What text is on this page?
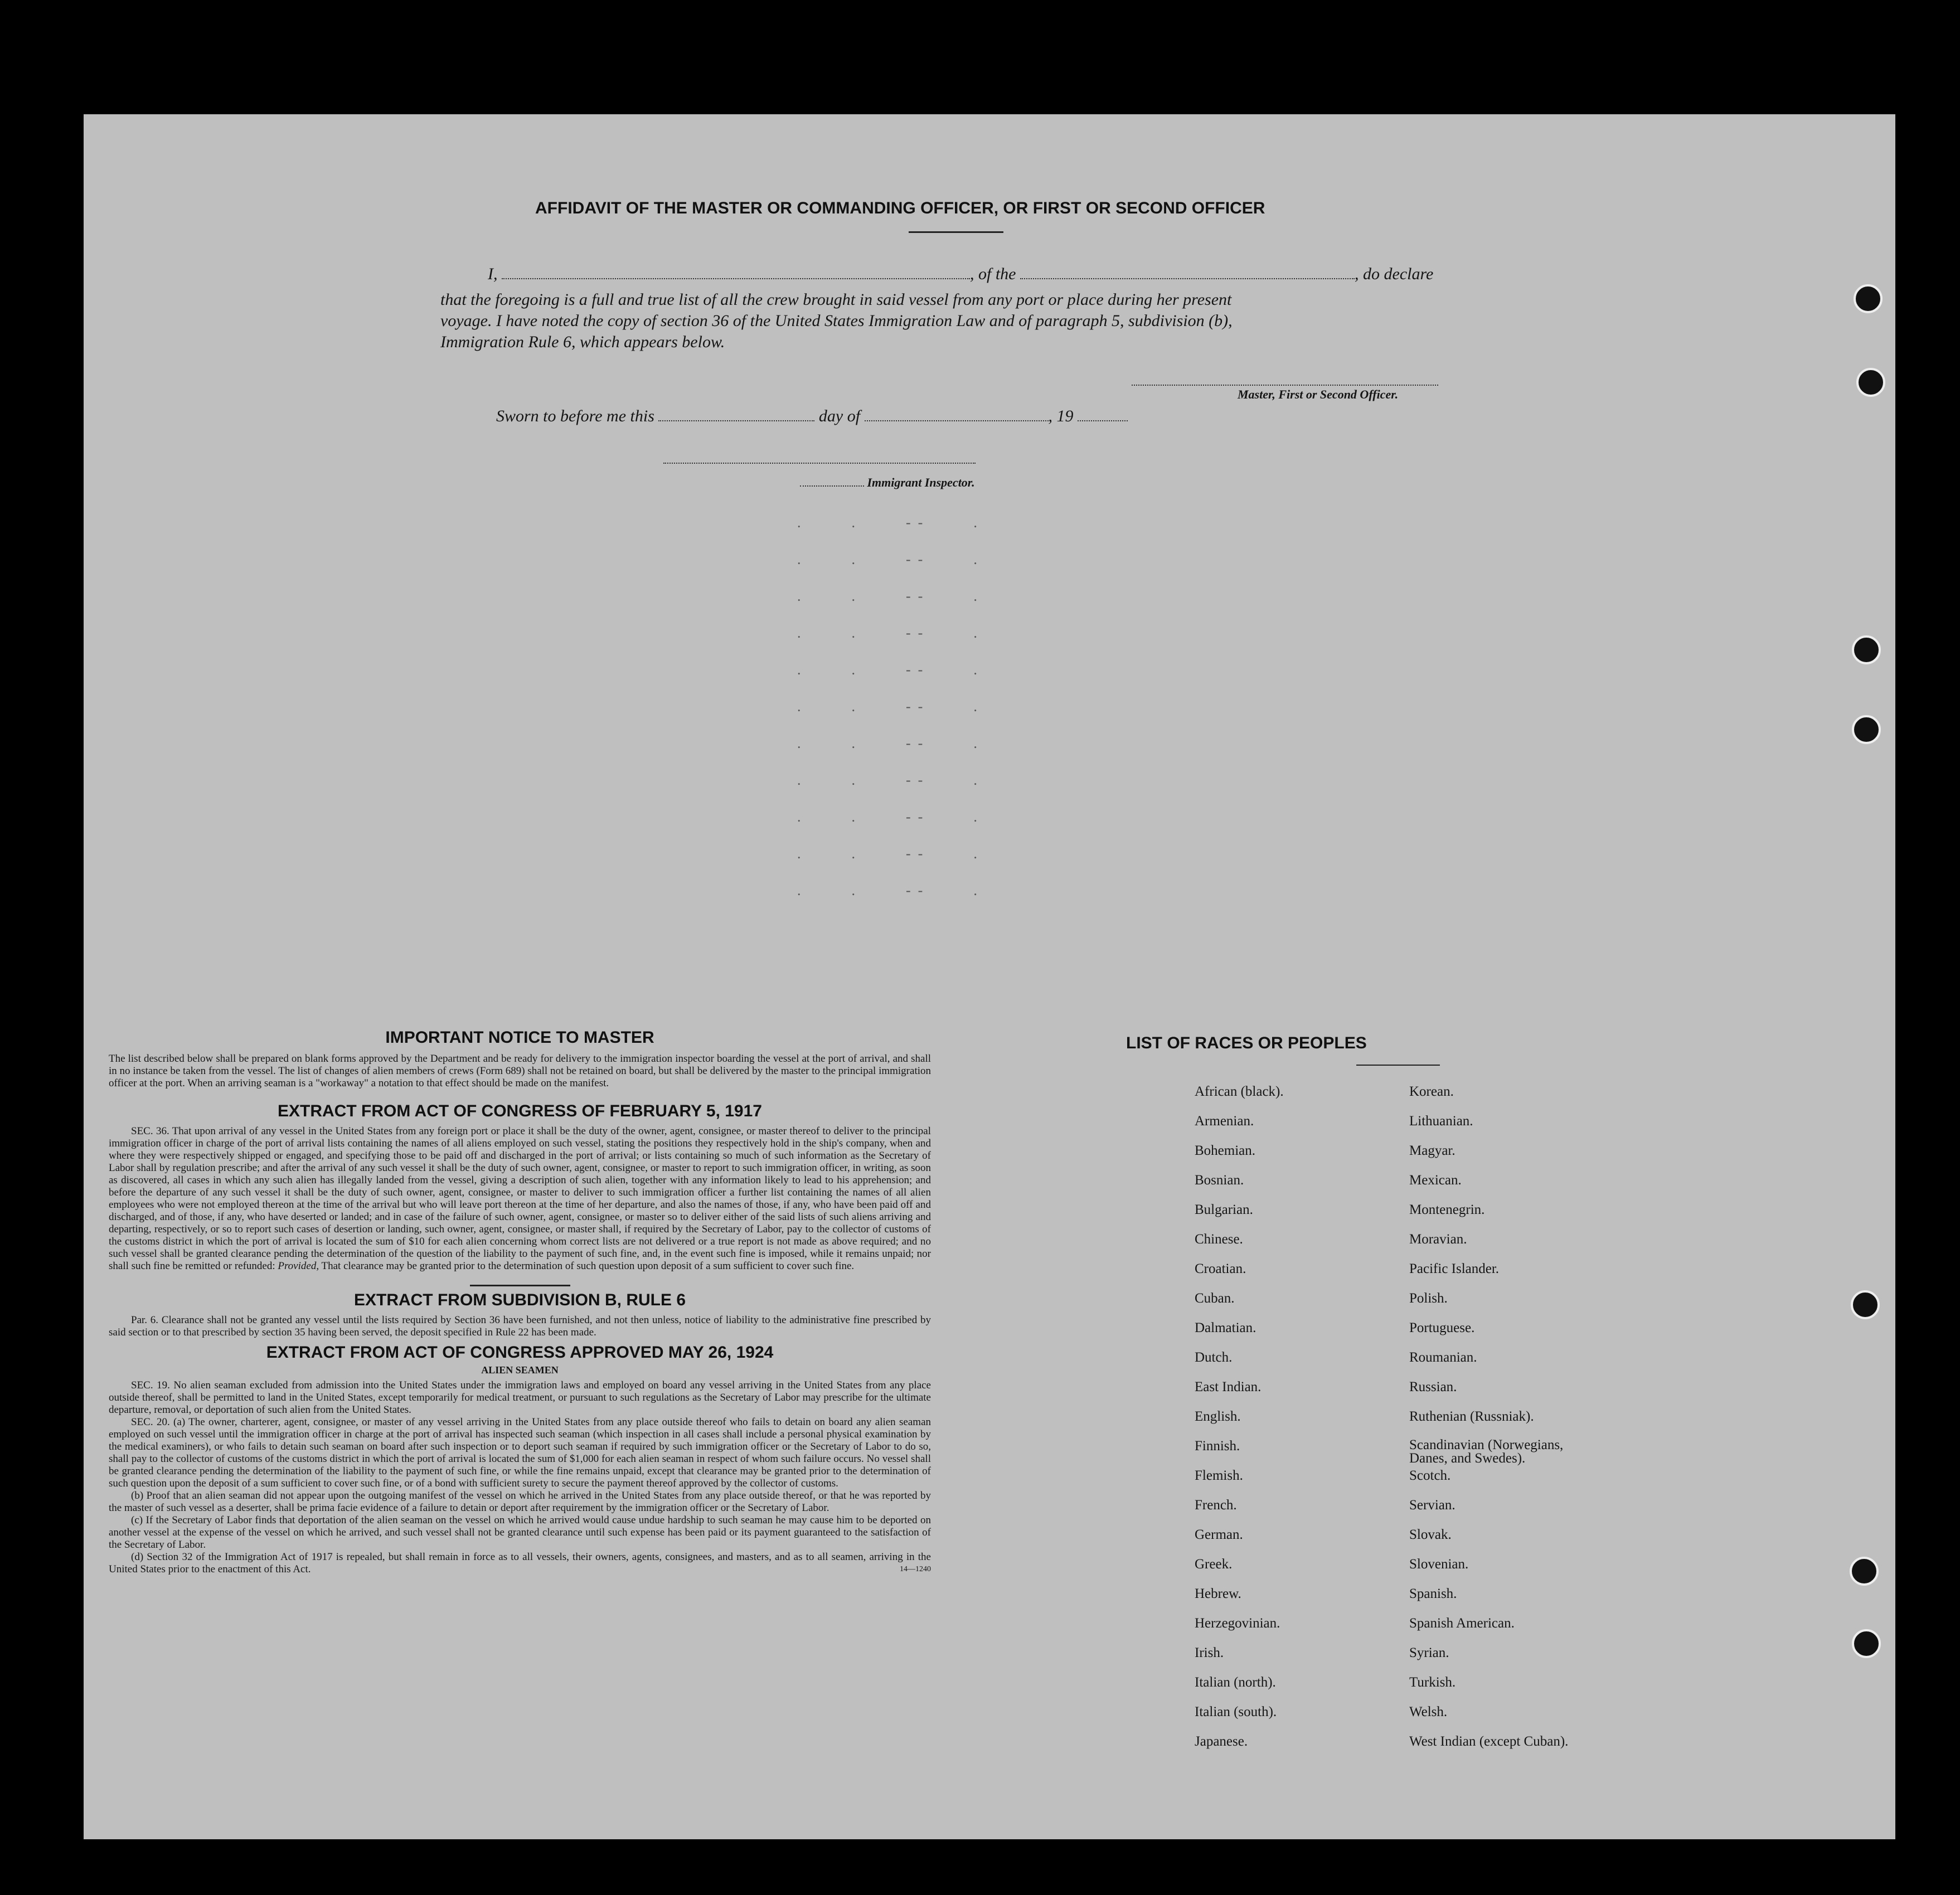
AFFIDAVIT OF THE MASTER OR COMMANDING OFFICER, OR FIRST OR SECOND OFFICER
I,	, of the	, do declare
that the foregoing is a full and true list of all the crew brought in said vessel from any port or place during her present
voyage. I have noted the copy of section 36 of the United States Immigration Law and of paragraph 5, subdivision (b),
Immigration Rule 6, which appears below.
Master, First or Second Officer.
Sworn to before me this	day of	, 19
Immigrant Inspector.
.              .              -  -              .
.              .              -  -              .
.              .              -  -              .
.              .              -  -              .
.              .              -  -              .
.              .              -  -              .
.              .              -  -              .
.              .              -  -              .
.              .              -  -              .
.              .              -  -              .
.              .              -  -              .
IMPORTANT NOTICE TO MASTER
The list described below shall be prepared on blank forms approved by the Department and be ready for delivery to the immigration inspector boarding the vessel at the port of arrival, and shall in no instance be taken from the vessel. The list of changes of alien members of crews (Form 689) shall not be retained on board, but shall be delivered by the master to the principal immigration officer at the port. When an arriving seaman is a "workaway" a notation to that effect should be made on the manifest.
EXTRACT FROM ACT OF CONGRESS OF FEBRUARY 5, 1917
SEC. 36. That upon arrival of any vessel in the United States from any foreign port or place it shall be the duty of the owner, agent, consignee, or master thereof to deliver to the principal immigration officer in charge of the port of arrival lists containing the names of all aliens employed on such vessel, stating the positions they respectively hold in the ship's company, when and where they were respectively shipped or engaged, and specifying those to be paid off and discharged in the port of arrival; or lists containing so much of such information as the Secretary of Labor shall by regulation prescribe; and after the arrival of any such vessel it shall be the duty of such owner, agent, consignee, or master to report to such immigration officer, in writing, as soon as discovered, all cases in which any such alien has illegally landed from the vessel, giving a description of such alien, together with any information likely to lead to his apprehension; and before the departure of any such vessel it shall be the duty of such owner, agent, consignee, or master to deliver to such immigration officer a further list containing the names of all alien employees who were not employed thereon at the time of the arrival but who will leave port thereon at the time of her departure, and also the names of those, if any, who have been paid off and discharged, and of those, if any, who have deserted or landed; and in case of the failure of such owner, agent, consignee, or master so to deliver either of the said lists of such aliens arriving and departing, respectively, or so to report such cases of desertion or landing, such owner, agent, consignee, or master shall, if required by the Secretary of Labor, pay to the collector of customs of the customs district in which the port of arrival is located the sum of $10 for each alien concerning whom correct lists are not delivered or a true report is not made as above required; and no such vessel shall be granted clearance pending the determination of the question of the liability to the payment of such fine, and, in the event such fine is imposed, while it remains unpaid; nor shall such fine be remitted or refunded: Provided, That clearance may be granted prior to the determination of such question upon deposit of a sum sufficient to cover such fine.
EXTRACT FROM SUBDIVISION B, RULE 6
Par. 6. Clearance shall not be granted any vessel until the lists required by Section 36 have been furnished, and not then unless, notice of liability to the administrative fine prescribed by said section or to that prescribed by section 35 having been served, the deposit specified in Rule 22 has been made.
EXTRACT FROM ACT OF CONGRESS APPROVED MAY 26, 1924
ALIEN SEAMEN
SEC. 19. No alien seaman excluded from admission into the United States under the immigration laws and employed on board any vessel arriving in the United States from any place outside thereof, shall be permitted to land in the United States, except temporarily for medical treatment, or pursuant to such regulations as the Secretary of Labor may prescribe for the ultimate departure, removal, or deportation of such alien from the United States.
SEC. 20. (a) The owner, charterer, agent, consignee, or master of any vessel arriving in the United States from any place outside thereof who fails to detain on board any alien seaman employed on such vessel until the immigration officer in charge at the port of arrival has inspected such seaman (which inspection in all cases shall include a personal physical examination by the medical examiners), or who fails to detain such seaman on board after such inspection or to deport such seaman if required by such immigration officer or the Secretary of Labor to do so, shall pay to the collector of customs of the customs district in which the port of arrival is located the sum of $1,000 for each alien seaman in respect of whom such failure occurs. No vessel shall be granted clearance pending the determination of the liability to the payment of such fine, or while the fine remains unpaid, except that clearance may be granted prior to the determination of such question upon the deposit of a sum sufficient to cover such fine, or of a bond with sufficient surety to secure the payment thereof approved by the collector of customs.
(b) Proof that an alien seaman did not appear upon the outgoing manifest of the vessel on which he arrived in the United States from any place outside thereof, or that he was reported by the master of such vessel as a deserter, shall be prima facie evidence of a failure to detain or deport after requirement by the immigration officer or the Secretary of Labor.
(c) If the Secretary of Labor finds that deportation of the alien seaman on the vessel on which he arrived would cause undue hardship to such seaman he may cause him to be deported on another vessel at the expense of the vessel on which he arrived, and such vessel shall not be granted clearance until such expense has been paid or its payment guaranteed to the satisfaction of the Secretary of Labor.
(d) Section 32 of the Immigration Act of 1917 is repealed, but shall remain in force as to all vessels, their owners, agents, consignees, and masters, and as to all seamen, arriving in the United States prior to the enactment of this Act.	14—1240
LIST OF RACES OR PEOPLES
African (black).
Armenian.
Bohemian.
Bosnian.
Bulgarian.
Chinese.
Croatian.
Cuban.
Dalmatian.
Dutch.
East Indian.
English.
Finnish.
Flemish.
French.
German.
Greek.
Hebrew.
Herzegovinian.
Irish.
Italian (north).
Italian (south).
Japanese.
Korean.
Lithuanian.
Magyar.
Mexican.
Montenegrin.
Moravian.
Pacific Islander.
Polish.
Portuguese.
Roumanian.
Russian.
Ruthenian (Russniak).
Scandinavian (Norwegians, Danes, and Swedes).
Scotch.
Servian.
Slovak.
Slovenian.
Spanish.
Spanish American.
Syrian.
Turkish.
Welsh.
West Indian (except Cuban).
